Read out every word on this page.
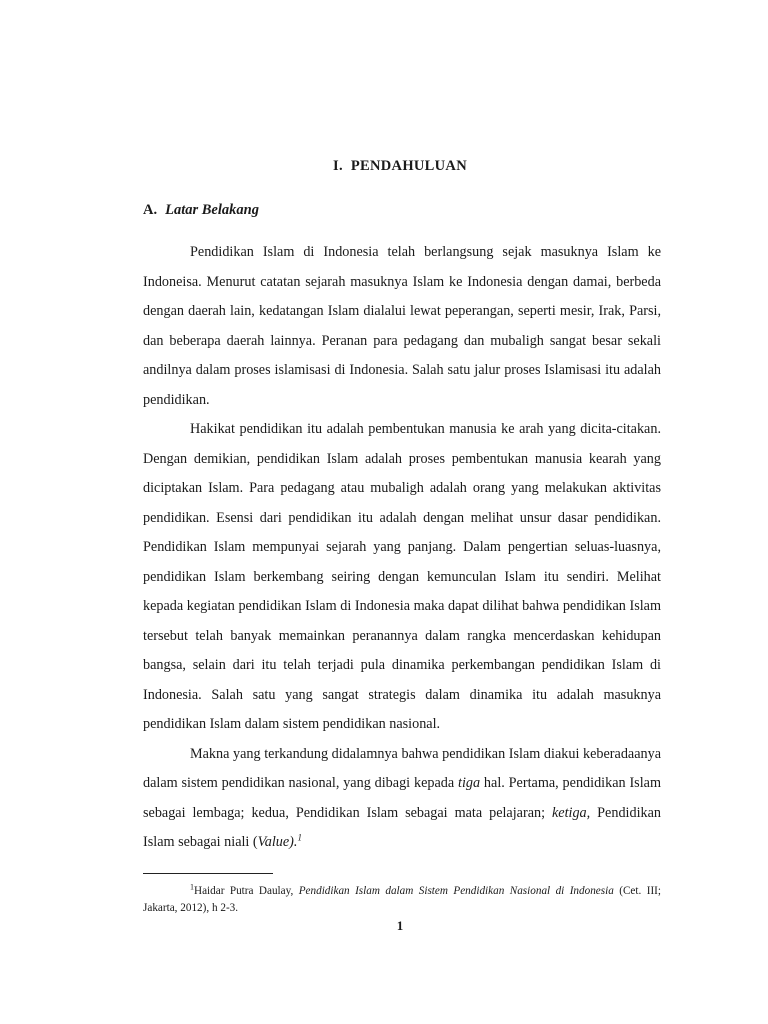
I. PENDAHULUAN
A. Latar Belakang

Pendidikan Islam di Indonesia telah berlangsung sejak masuknya Islam ke Indoneisa. Menurut catatan sejarah masuknya Islam ke Indonesia dengan damai, berbeda dengan daerah lain, kedatangan Islam dialalui lewat peperangan, seperti mesir, Irak, Parsi, dan beberapa daerah lainnya. Peranan para pedagang dan mubaligh sangat besar sekali andilnya dalam proses islamisasi di Indonesia. Salah satu jalur proses Islamisasi itu adalah pendidikan.

Hakikat pendidikan itu adalah pembentukan manusia ke arah yang dicita-citakan. Dengan demikian, pendidikan Islam adalah proses pembentukan manusia kearah yang diciptakan Islam. Para pedagang atau mubaligh adalah orang yang melakukan aktivitas pendidikan. Esensi dari pendidikan itu adalah dengan melihat unsur dasar pendidikan. Pendidikan Islam mempunyai sejarah yang panjang. Dalam pengertian seluas-luasnya, pendidikan Islam berkembang seiring dengan kemunculan Islam itu sendiri. Melihat kepada kegiatan pendidikan Islam di Indonesia maka dapat dilihat bahwa pendidikan Islam tersebut telah banyak memainkan peranannya dalam rangka mencerdaskan kehidupan bangsa, selain dari itu telah terjadi pula dinamika perkembangan pendidikan Islam di Indonesia. Salah satu yang sangat strategis dalam dinamika itu adalah masuknya pendidikan Islam dalam sistem pendidikan nasional.

Makna yang terkandung didalamnya bahwa pendidikan Islam diakui keberadaanya dalam sistem pendidikan nasional, yang dibagi kepada tiga hal. Pertama, pendidikan Islam sebagai lembaga; kedua, Pendidikan Islam sebagai mata pelajaran; ketiga, Pendidikan Islam sebagai niali (Value).$^1$

$^1$Haidar Putra Daulay, Pendidikan Islam dalam Sistem Pendidikan Nasional di Indonesia (Cet. III; Jakarta, 2012), h 2-3.
1
